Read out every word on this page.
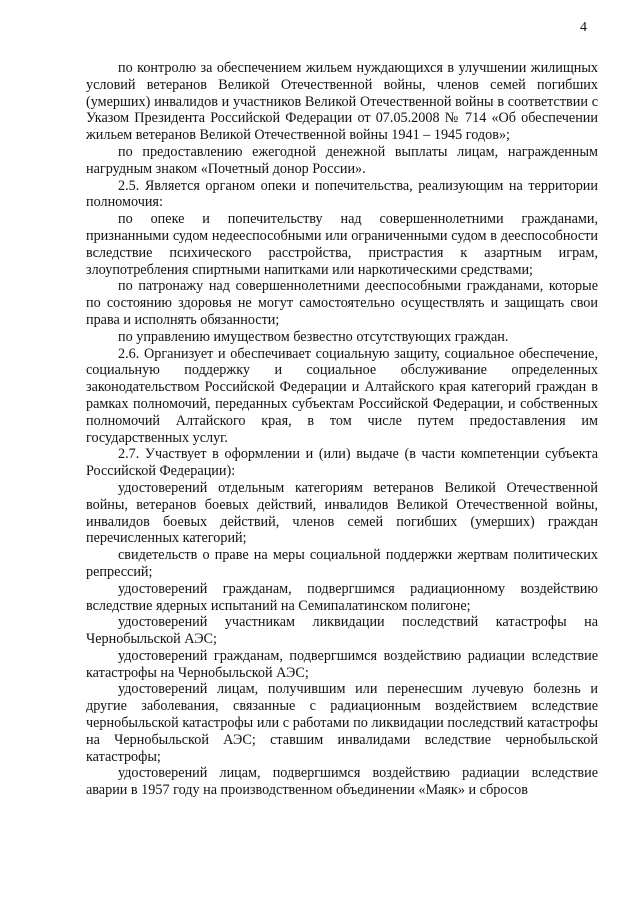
4

по контролю за обеспечением жильем нуждающихся в улучшении жилищных условий ветеранов Великой Отечественной войны, членов семей погибших (умерших) инвалидов и участников Великой Отечественной войны в соответствии с Указом Президента Российской Федерации от 07.05.2008 № 714 «Об обеспечении жильем ветеранов Великой Отечественной войны 1941 – 1945 годов»;

по предоставлению ежегодной денежной выплаты лицам, награжденным нагрудным знаком «Почетный донор России».

2.5. Является органом опеки и попечительства, реализующим на территории полномочия:

по опеке и попечительству над совершеннолетними гражданами, признанными судом недееспособными или ограниченными судом в дееспособности вследствие психического расстройства, пристрастия к азартным играм, злоупотребления спиртными напитками или наркотическими средствами;

по патронажу над совершеннолетними дееспособными гражданами, которые по состоянию здоровья не могут самостоятельно осуществлять и защищать свои права и исполнять обязанности;

по управлению имуществом безвестно отсутствующих граждан.

2.6. Организует и обеспечивает социальную защиту, социальное обеспечение, социальную поддержку и социальное обслуживание определенных законодательством Российской Федерации и Алтайского края категорий граждан в рамках полномочий, переданных субъектам Российской Федерации, и собственных полномочий Алтайского края, в том числе путем предоставления им государственных услуг.

2.7. Участвует в оформлении и (или) выдаче (в части компетенции субъекта Российской Федерации):

удостоверений отдельным категориям ветеранов Великой Отечественной войны, ветеранов боевых действий, инвалидов Великой Отечественной войны, инвалидов боевых действий, членов семей погибших (умерших) граждан перечисленных категорий;

свидетельств о праве на меры социальной поддержки жертвам политических репрессий;

удостоверений гражданам, подвергшимся радиационному воздействию вследствие ядерных испытаний на Семипалатинском полигоне;

удостоверений участникам ликвидации последствий катастрофы на Чернобыльской АЭС;

удостоверений гражданам, подвергшимся воздействию радиации вследствие катастрофы на Чернобыльской АЭС;

удостоверений лицам, получившим или перенесшим лучевую болезнь и другие заболевания, связанные с радиационным воздействием вследствие чернобыльской катастрофы или с работами по ликвидации последствий катастрофы на Чернобыльской АЭС; ставшим инвалидами вследствие чернобыльской катастрофы;

удостоверений лицам, подвергшимся воздействию радиации вследствие аварии в 1957 году на производственном объединении «Маяк» и сбросов
